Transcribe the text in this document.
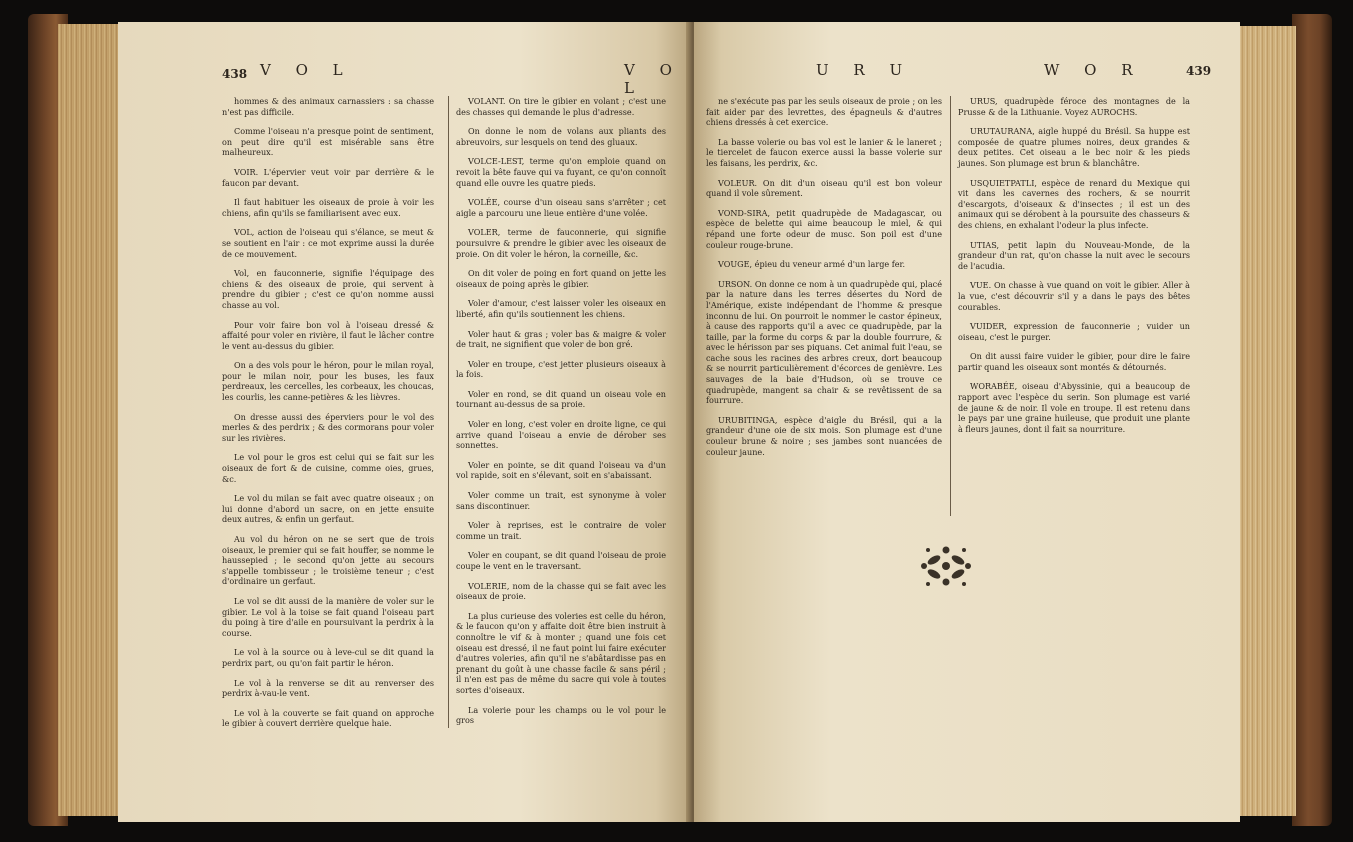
438 V O L	V O L

hommes & des animaux carnassiers : sa chasse n'est pas difficile.

Comme l'oiseau n'a presque point de sentiment, on peut dire qu'il est misérable sans être malheureux.

VOIR. L'épervier veut voir par derrière & le faucon par devant.

Il faut habituer les oiseaux de proie à voir les chiens, afin qu'ils se familiarisent avec eux.

VOL, action de l'oiseau qui s'élance, se meut & se soutient en l'air : ce mot exprime aussi la durée de ce mouvement.

Vol, en fauconnerie, signifie l'équipage des chiens & des oiseaux de proie, qui servent à prendre du gibier ; c'est ce qu'on nomme aussi chasse au vol.

Pour voir faire bon vol à l'oiseau dressé & affaité pour voler en rivière, il faut le lâcher contre le vent au-dessus du gibier.

On a des vols pour le héron, pour le milan royal, pour le milan noir, pour les buses, les faux perdreaux, les cercelles, les corbeaux, les choucas, les courlis, les canne-petières & les lièvres.

On dresse aussi des éperviers pour le vol des merles & des perdrix ; & des cormorans pour voler sur les rivières.

Le vol pour le gros est celui qui se fait sur les oiseaux de fort & de cuisine, comme oies, grues, &c.

Le vol du milan se fait avec quatre oiseaux ; on lui donne d'abord un sacre, on en jette ensuite deux autres, & enfin un gerfaut.

Au vol du héron on ne se sert que de trois oiseaux, le premier qui se fait houffer, se nomme le haussepied ; le second qu'on jette au secours s'appelle tombisseur ; le troisième teneur ; c'est d'ordinaire un gerfaut.

Le vol se dit aussi de la manière de voler sur le gibier. Le vol à la toise se fait quand l'oiseau part du poing à tire d'aile en poursuivant la perdrix à la course.

Le vol à la source ou à leve-cul se dit quand la perdrix part, ou qu'on fait partir le héron.

Le vol à la renverse se dit au renverser des perdrix à-vau-le vent.

Le vol à la couverte se fait quand on approche le gibier à couvert derrière quelque haie.

VOLANT. On tire le gibier en volant ; c'est une des chasses qui demande le plus d'adresse.

On donne le nom de volans aux pliants des abreuvoirs, sur lesquels on tend des gluaux.

VOLCE-LEST, terme qu'on emploie quand on revoit la bête fauve qui va fuyant, ce qu'on connoît quand elle ouvre les quatre pieds.

VOLÉE, course d'un oiseau sans s'arrêter ; cet aigle a parcouru une lieue entière d'une volée.

VOLER, terme de fauconnerie, qui signifie poursuivre & prendre le gibier avec les oiseaux de proie. On dit voler le héron, la corneille, &c.

On dit voler de poing en fort quand on jette les oiseaux de poing après le gibier.

Voler d'amour, c'est laisser voler les oiseaux en liberté, afin qu'ils soutiennent les chiens.

Voler haut & gras ; voler bas & maigre & voler de trait, ne signifient que voler de bon gré.

Voler en troupe, c'est jetter plusieurs oiseaux à la fois.

Voler en rond, se dit quand un oiseau vole en tournant au-dessus de sa proie.

Voler en long, c'est voler en droite ligne, ce qui arrive quand l'oiseau a envie de dérober ses sonnettes.

Voler en pointe, se dit quand l'oiseau va d'un vol rapide, soit en s'élevant, soit en s'abaissant.

Voler comme un trait, est synonyme à voler sans discontinuer.

Voler à reprises, est le contraire de voler comme un trait.

Voler en coupant, se dit quand l'oiseau de proie coupe le vent en le traversant.

VOLERIE, nom de la chasse qui se fait avec les oiseaux de proie.

La plus curieuse des voleries est celle du héron, & le faucon qu'on y affaite doit être bien instruit à connoître le vif & à monter ; quand une fois cet oiseau est dressé, il ne faut point lui faire exécuter d'autres voleries, afin qu'il ne s'abâtardisse pas en prenant du goût à une chasse facile & sans péril ; il n'en est pas de même du sacre qui vole à toutes sortes d'oiseaux.

La volerie pour les champs ou le vol pour le gros

U R U	W O R	439

ne s'exécute pas par les seuls oiseaux de proie ; on les fait aider par des levrettes, des épagneuls & d'autres chiens dressés à cet exercice.

La basse volerie ou bas vol est le lanier & le laneret ; le tiercelet de faucon exerce aussi la basse volerie sur les faisans, les perdrix, &c.

VOLEUR. On dit d'un oiseau qu'il est bon voleur quand il vole sûrement.

VOND-SIRA, petit quadrupède de Madagascar, ou espèce de belette qui aime beaucoup le miel, & qui répand une forte odeur de musc. Son poil est d'une couleur rouge-brune.

VOUGE, épieu du veneur armé d'un large fer.

URSON. On donne ce nom à un quadrupède qui, placé par la nature dans les terres désertes du Nord de l'Amérique, existe indépendant de l'homme & presque inconnu de lui. On pourroit le nommer le castor épineux, à cause des rapports qu'il a avec ce quadrupède, par la taille, par la forme du corps & par la double fourrure, & avec le hérisson par ses piquans. Cet animal fuit l'eau, se cache sous les racines des arbres creux, dort beaucoup & se nourrit particulièrement d'écorces de genièvre. Les sauvages de la baie d'Hudson, où se trouve ce quadrupède, mangent sa chair & se revêtissent de sa fourrure.

URUBITINGA, espèce d'aigle du Brésil, qui a la grandeur d'une oie de six mois. Son plumage est d'une couleur brune & noire ; ses jambes sont nuancées de couleur jaune.

URUS, quadrupède féroce des montagnes de la Prusse & de la Lithuanie. Voyez AUROCHS.

URUTAURANA, aigle huppé du Brésil. Sa huppe est composée de quatre plumes noires, deux grandes & deux petites. Cet oiseau a le bec noir & les pieds jaunes. Son plumage est brun & blanchâtre.

USQUIETPATLI, espèce de renard du Mexique qui vit dans les cavernes des rochers, & se nourrit d'escargots, d'oiseaux & d'insectes ; il est un des animaux qui se dérobent à la poursuite des chasseurs & des chiens, en exhalant l'odeur la plus infecte.

UTIAS, petit lapin du Nouveau-Monde, de la grandeur d'un rat, qu'on chasse la nuit avec le secours de l'acudia.

VUE. On chasse à vue quand on voit le gibier. Aller à la vue, c'est découvrir s'il y a dans le pays des bêtes courables.

VUIDER, expression de fauconnerie ; vuider un oiseau, c'est le purger.

On dit aussi faire vuider le gibier, pour dire le faire partir quand les oiseaux sont montés & détournés.

WORABÉE, oiseau d'Abyssinie, qui a beaucoup de rapport avec l'espèce du serin. Son plumage est varié de jaune & de noir. Il vole en troupe. Il est retenu dans le pays par une graine huileuse, que produit une plante à fleurs jaunes, dont il fait sa nourriture.
